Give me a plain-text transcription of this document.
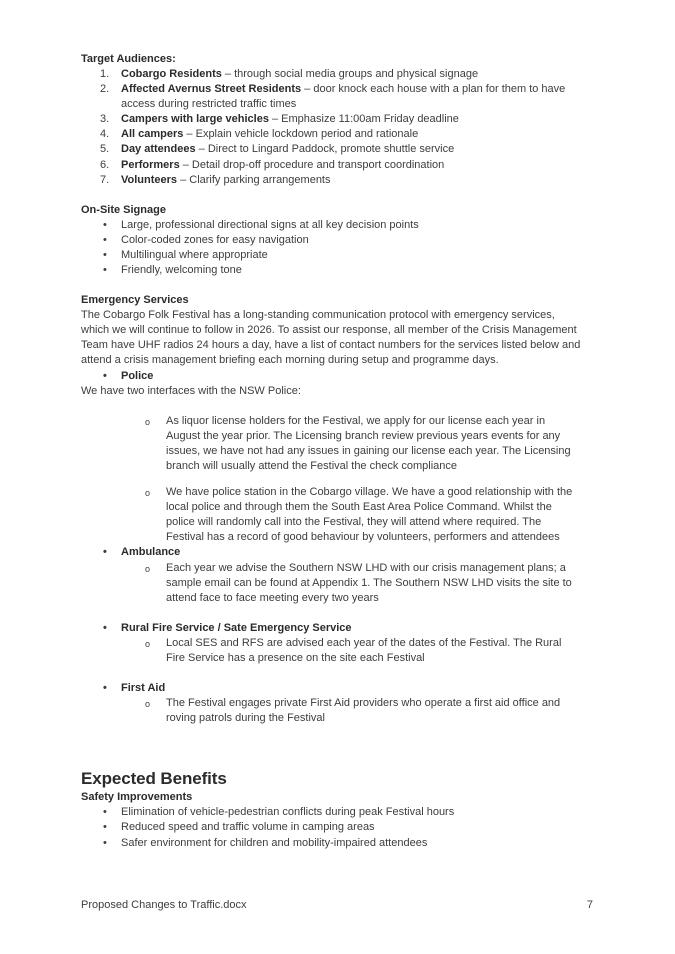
Target Audiences:
1.	Cobargo Residents – through social media groups and physical signage
2.	Affected Avernus Street Residents – door knock each house with a plan for them to have access during restricted traffic times
3.	Campers with large vehicles – Emphasize 11:00am Friday deadline
4.	All campers – Explain vehicle lockdown period and rationale
5.	Day attendees – Direct to Lingard Paddock, promote shuttle service
6.	Performers – Detail drop-off procedure and transport coordination
7.	Volunteers – Clarify parking arrangements
On-Site Signage
• Large, professional directional signs at all key decision points
• Color-coded zones for easy navigation
• Multilingual where appropriate
• Friendly, welcoming tone
Emergency Services

The Cobargo Folk Festival has a long-standing communication protocol with emergency services, which we will continue to follow in 2026. To assist our response, all member of the Crisis Management Team have UHF radios 24 hours a day, have a list of contact numbers for the services listed below and attend a crisis management briefing each morning during setup and programme days.

• Police

We have two interfaces with the NSW Police:

o As liquor license holders for the Festival, we apply for our license each year in August the year prior. The Licensing branch review previous years events for any issues, we have not had any issues in gaining our license each year. The Licensing branch will usually attend the Festival the check compliance
o We have police station in the Cobargo village. We have a good relationship with the local police and through them the South East Area Police Command. Whilst the police will randomly call into the Festival, they will attend where required. The Festival has a record of good behaviour by volunteers, performers and attendees
• Ambulance
o Each year we advise the Southern NSW LHD with our crisis management plans; a sample email can be found at Appendix 1. The Southern NSW LHD visits the site to attend face to face meeting every two years
• Rural Fire Service / Sate Emergency Service
o Local SES and RFS are advised each year of the dates of the Festival. The Rural Fire Service has a presence on the site each Festival
• First Aid
o The Festival engages private First Aid providers who operate a first aid office and roving patrols during the Festival
Expected Benefits
Safety Improvements
• Elimination of vehicle-pedestrian conflicts during peak Festival hours
• Reduced speed and traffic volume in camping areas
• Safer environment for children and mobility-impaired attendees
Proposed Changes to Traffic.docx	7
